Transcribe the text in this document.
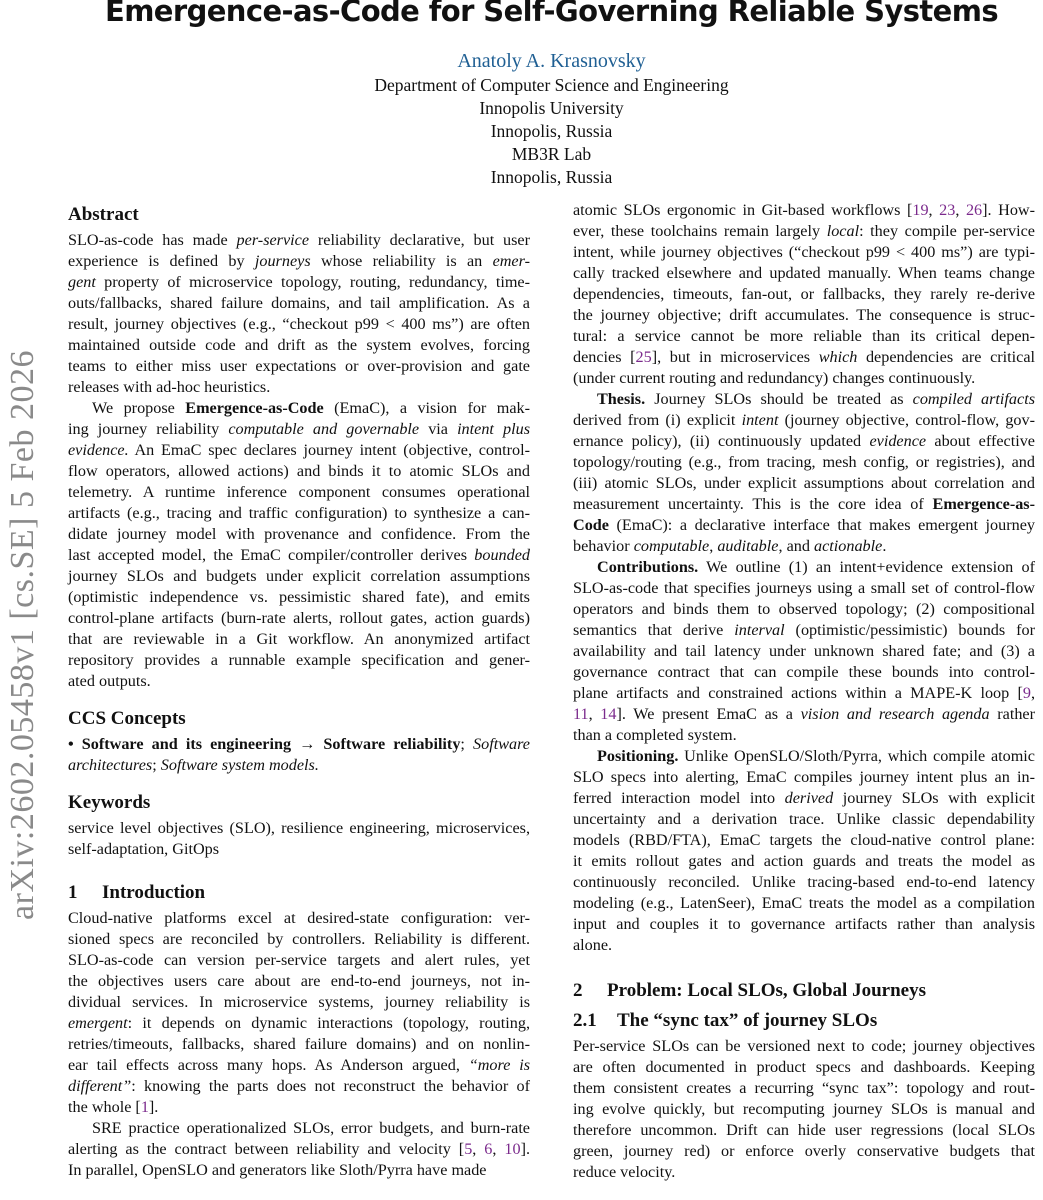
Emergence-as-Code for Self-Governing Reliable Systems
Anatoly A. Krasnovsky
Department of Computer Science and Engineering
Innopolis University
Innopolis, Russia
MB3R Lab
Innopolis, Russia
arXiv:2602.05458v1 [cs.SE] 5 Feb 2026
Abstract
SLO-as-code has made per-service reliability declarative, but user
experience is defined by journeys whose reliability is an emer-
gent property of microservice topology, routing, redundancy, time-
outs/fallbacks, shared failure domains, and tail amplification. As a
result, journey objectives (e.g., “checkout p99 < 400 ms”) are often
maintained outside code and drift as the system evolves, forcing
teams to either miss user expectations or over-provision and gate
releases with ad-hoc heuristics.
We propose Emergence-as-Code (EmaC), a vision for mak-
ing journey reliability computable and governable via intent plus
evidence. An EmaC spec declares journey intent (objective, control-
flow operators, allowed actions) and binds it to atomic SLOs and
telemetry. A runtime inference component consumes operational
artifacts (e.g., tracing and traffic configuration) to synthesize a can-
didate journey model with provenance and confidence. From the
last accepted model, the EmaC compiler/controller derives bounded
journey SLOs and budgets under explicit correlation assumptions
(optimistic independence vs. pessimistic shared fate), and emits
control-plane artifacts (burn-rate alerts, rollout gates, action guards)
that are reviewable in a Git workflow. An anonymized artifact
repository provides a runnable example specification and gener-
ated outputs.
CCS Concepts
• Software and its engineering → Software reliability; Software
architectures; Software system models.
Keywords
service level objectives (SLO), resilience engineering, microservices,
self-adaptation, GitOps
1 Introduction
Cloud-native platforms excel at desired-state configuration: ver-
sioned specs are reconciled by controllers. Reliability is different.
SLO-as-code can version per-service targets and alert rules, yet
the objectives users care about are end-to-end journeys, not in-
dividual services. In microservice systems, journey reliability is
emergent: it depends on dynamic interactions (topology, routing,
retries/timeouts, fallbacks, shared failure domains) and on nonlin-
ear tail effects across many hops. As Anderson argued, “more is
different”: knowing the parts does not reconstruct the behavior of
the whole [1].
SRE practice operationalized SLOs, error budgets, and burn-rate
alerting as the contract between reliability and velocity [5, 6, 10].
In parallel, OpenSLO and generators like Sloth/Pyrra have made
atomic SLOs ergonomic in Git-based workflows [19, 23, 26]. How-
ever, these toolchains remain largely local: they compile per-service
intent, while journey objectives (“checkout p99 < 400 ms”) are typi-
cally tracked elsewhere and updated manually. When teams change
dependencies, timeouts, fan-out, or fallbacks, they rarely re-derive
the journey objective; drift accumulates. The consequence is struc-
tural: a service cannot be more reliable than its critical depen-
dencies [25], but in microservices which dependencies are critical
(under current routing and redundancy) changes continuously.
Thesis. Journey SLOs should be treated as compiled artifacts
derived from (i) explicit intent (journey objective, control-flow, gov-
ernance policy), (ii) continuously updated evidence about effective
topology/routing (e.g., from tracing, mesh config, or registries), and
(iii) atomic SLOs, under explicit assumptions about correlation and
measurement uncertainty. This is the core idea of Emergence-as-
Code (EmaC): a declarative interface that makes emergent journey
behavior computable, auditable, and actionable.
Contributions. We outline (1) an intent+evidence extension of
SLO-as-code that specifies journeys using a small set of control-flow
operators and binds them to observed topology; (2) compositional
semantics that derive interval (optimistic/pessimistic) bounds for
availability and tail latency under unknown shared fate; and (3) a
governance contract that can compile these bounds into control-
plane artifacts and constrained actions within a MAPE-K loop [9,
11, 14]. We present EmaC as a vision and research agenda rather
than a completed system.
Positioning. Unlike OpenSLO/Sloth/Pyrra, which compile atomic
SLO specs into alerting, EmaC compiles journey intent plus an in-
ferred interaction model into derived journey SLOs with explicit
uncertainty and a derivation trace. Unlike classic dependability
models (RBD/FTA), EmaC targets the cloud-native control plane:
it emits rollout gates and action guards and treats the model as
continuously reconciled. Unlike tracing-based end-to-end latency
modeling (e.g., LatenSeer), EmaC treats the model as a compilation
input and couples it to governance artifacts rather than analysis
alone.
2 Problem: Local SLOs, Global Journeys
2.1 The “sync tax” of journey SLOs
Per-service SLOs can be versioned next to code; journey objectives
are often documented in product specs and dashboards. Keeping
them consistent creates a recurring “sync tax”: topology and rout-
ing evolve quickly, but recomputing journey SLOs is manual and
therefore uncommon. Drift can hide user regressions (local SLOs
green, journey red) or enforce overly conservative budgets that
reduce velocity.
